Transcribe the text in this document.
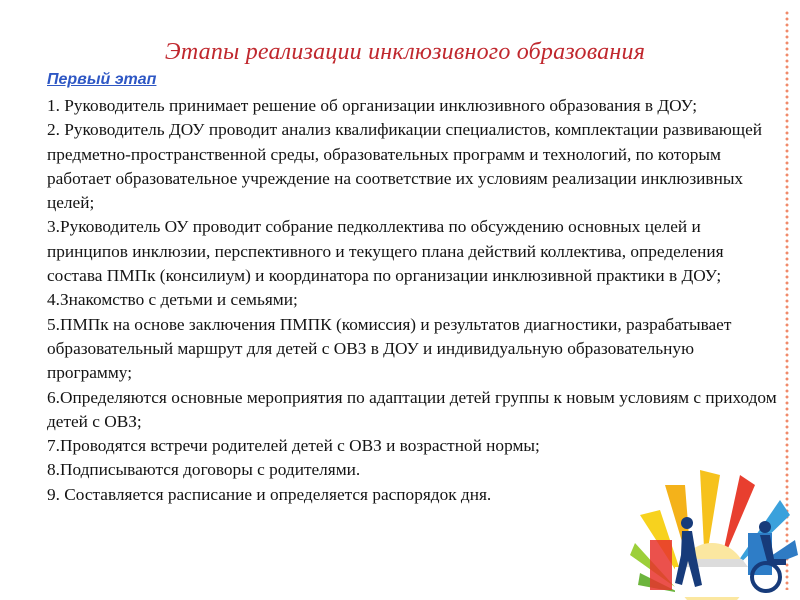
Этапы реализации инклюзивного образования
Первый этап

1. Руководитель принимает решение об организации инклюзивного образования в ДОУ;

2. Руководитель ДОУ проводит анализ квалификации специалистов, комплектации развивающей предметно-пространственной среды, образовательных программ и технологий, по которым работает образовательное учреждение на соответствие их условиям реализации инклюзивных целей;

3.Руководитель ОУ проводит собрание педколлектива по обсуждению основных целей и принципов инклюзии, перспективного и текущего плана действий коллектива, определения состава ПМПк (консилиум) и координатора по организации инклюзивной практики в ДОУ;

4.Знакомство с детьми и семьями;

5.ПМПк на основе заключения ПМПК (комиссия) и результатов диагностики, разрабатывает образовательный маршрут для детей с ОВЗ в ДОУ и индивидуальную образовательную программу;

6.Определяются основные мероприятия по адаптации детей группы к новым условиям с приходом детей с ОВЗ;

7.Проводятся встречи родителей детей с ОВЗ и возрастной нормы;

8.Подписываются договоры с родителями.

9. Составляется расписание и определяется распорядок дня.
